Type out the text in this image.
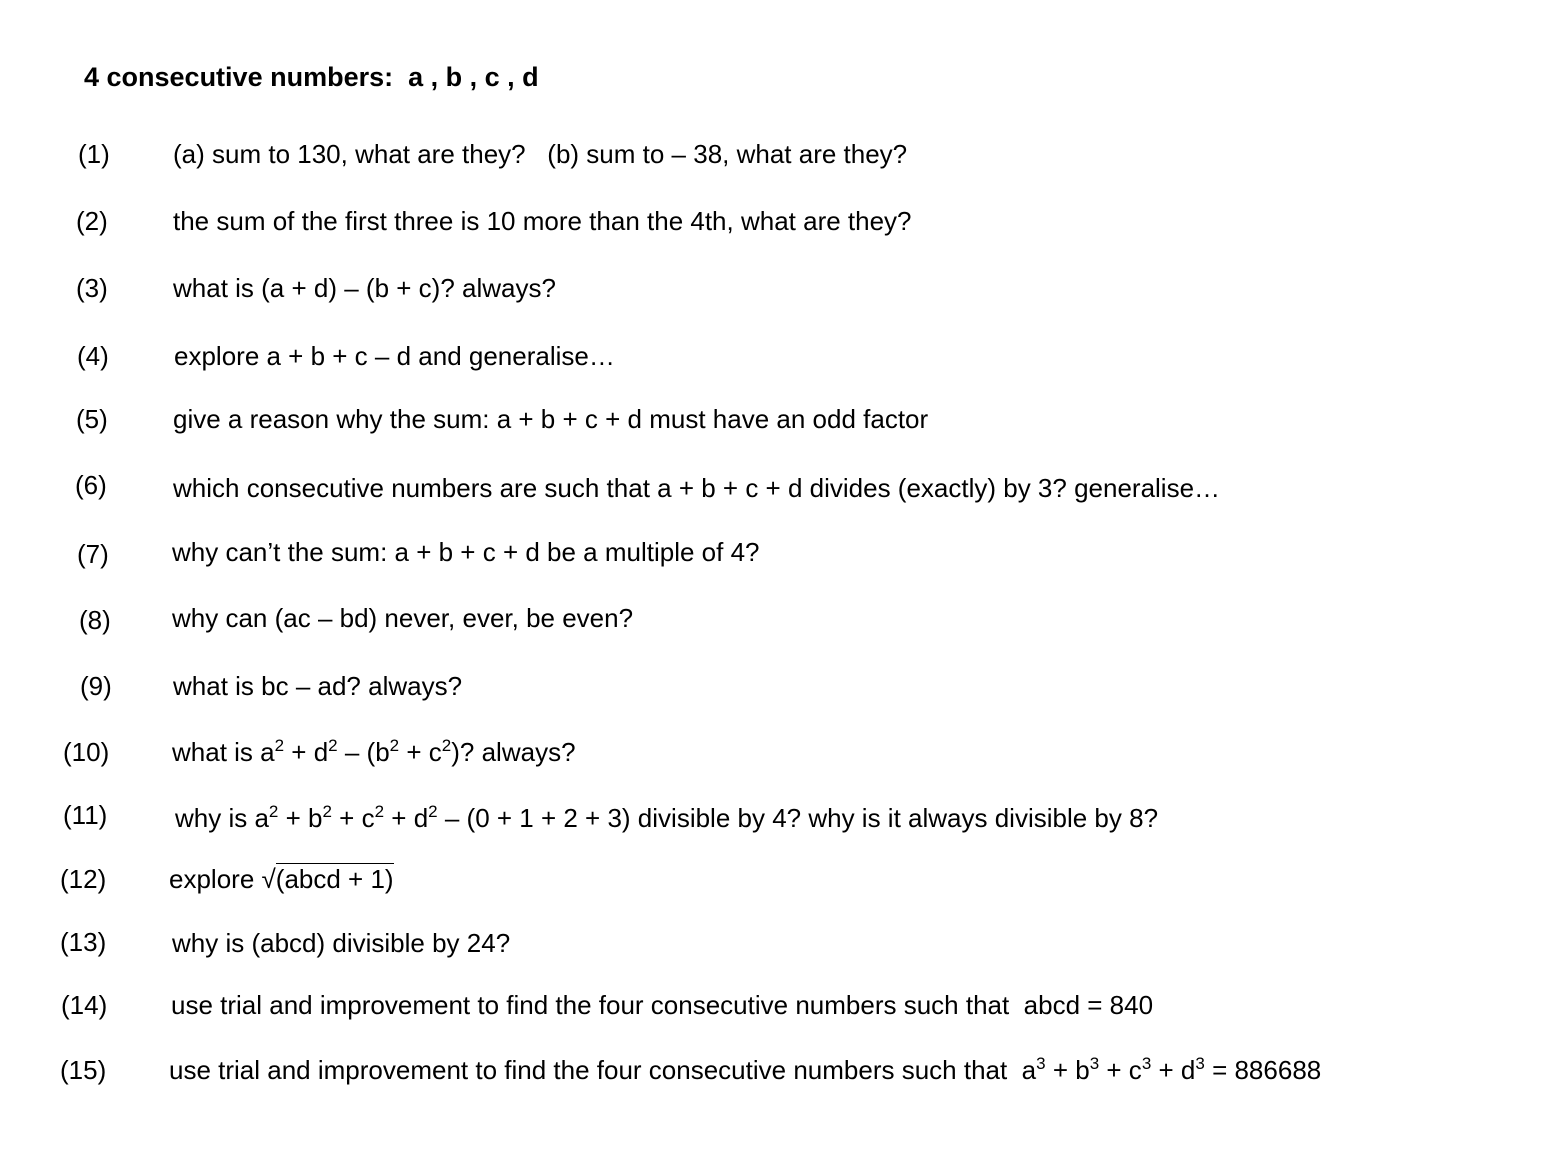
4 consecutive numbers:  a , b , c , d
(1) (a) sum to 130, what are they?   (b) sum to – 38, what are they?
(2)	the sum of the first three is 10 more than the 4th, what are they?
(3)	what is (a + d) – (b + c)? always?
(4)	explore a + b + c – d and generalise…
(5)	give a reason why the sum: a + b + c + d must have an odd factor
(6)	which consecutive numbers are such that a + b + c + d divides (exactly) by 3? generalise…
(7) why can’t the sum: a + b + c + d be a multiple of 4?
(8) why can (ac – bd) never, ever, be even?
(9) what is bc – ad? always?
(10) what is $a^2 + d^2 - (b^2 + c^2)$? always?
(11)	why is $a^2 + b^2 + c^2 + d^2 - (0 + 1 + 2 + 3)$ divisible by 4? why is it always divisible by 8?
(12) explore √(abcd + 1)
(13)	why is (abcd) divisible by 24?
(14) use trial and improvement to find the four consecutive numbers such that  abcd = 840
(15) use trial and improvement to find the four consecutive numbers such that  $a^3 + b^3 + c^3 + d^3 = 886688$
